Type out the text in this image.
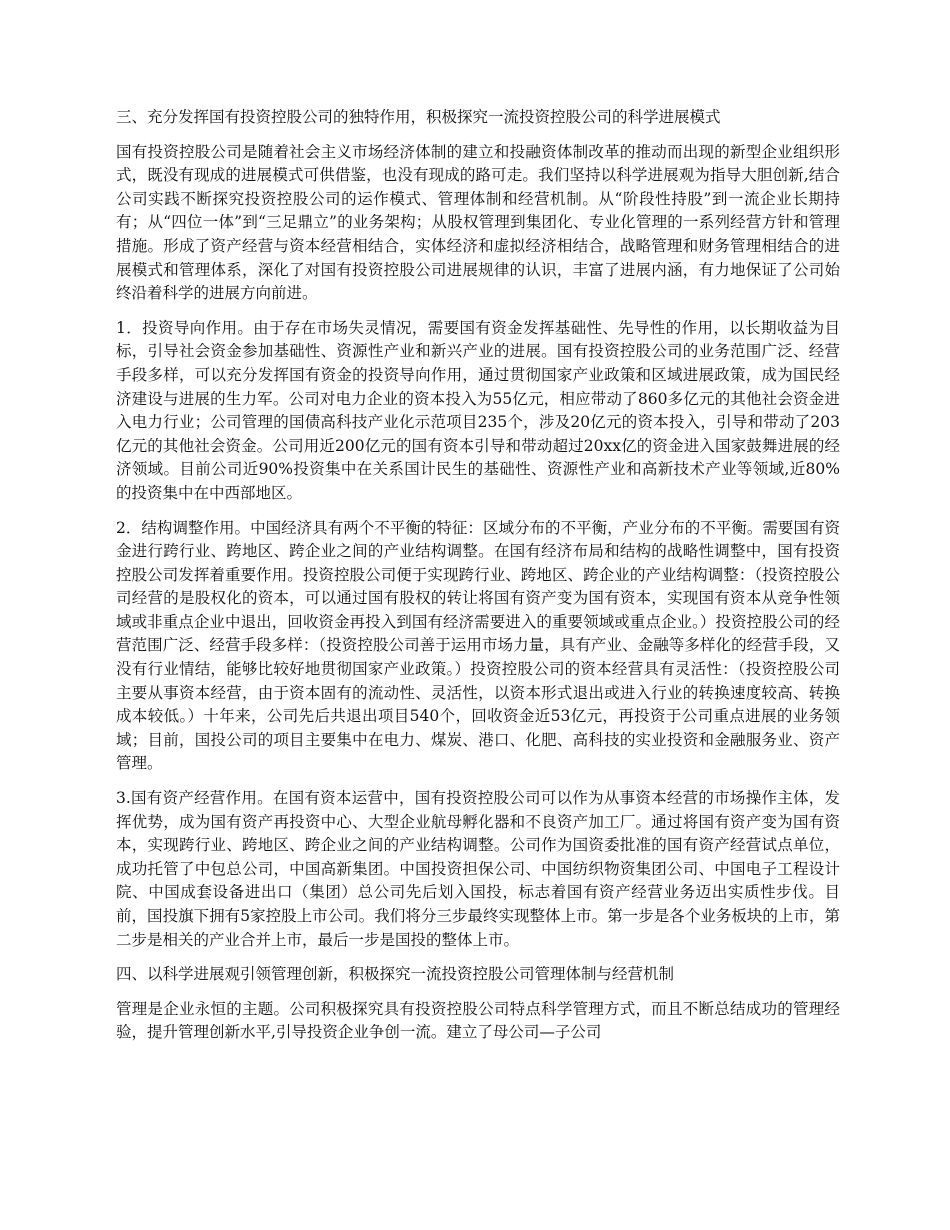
三、充分发挥国有投资控股公司的独特作用，积极探究一流投资控股公司的科学进展模式

国有投资控股公司是随着社会主义市场经济体制的建立和投融资体制改革的推动而出现的新型企业组织形式，既没有现成的进展模式可供借鉴，也没有现成的路可走。我们坚持以科学进展观为指导大胆创新,结合公司实践不断探究投资控股公司的运作模式、管理体制和经营机制。从“阶段性持股”到一流企业长期持有；从“四位一体”到“三足鼎立”的业务架构；从股权管理到集团化、专业化管理的一系列经营方针和管理措施。形成了资产经营与资本经营相结合，实体经济和虚拟经济相结合，战略管理和财务管理相结合的进展模式和管理体系，深化了对国有投资控股公司进展规律的认识，丰富了进展内涵，有力地保证了公司始终沿着科学的进展方向前进。

1．投资导向作用。由于存在市场失灵情况，需要国有资金发挥基础性、先导性的作用，以长期收益为目标，引导社会资金参加基础性、资源性产业和新兴产业的进展。国有投资控股公司的业务范围广泛、经营手段多样，可以充分发挥国有资金的投资导向作用，通过贯彻国家产业政策和区域进展政策，成为国民经济建设与进展的生力军。公司对电力企业的资本投入为55亿元，相应带动了860多亿元的其他社会资金进入电力行业；公司管理的国债高科技产业化示范项目235个，涉及20亿元的资本投入，引导和带动了203亿元的其他社会资金。公司用近200亿元的国有资本引导和带动超过20xx亿的资金进入国家鼓舞进展的经济领域。目前公司近90%投资集中在关系国计民生的基础性、资源性产业和高新技术产业等领域,近80%的投资集中在中西部地区。

2．结构调整作用。中国经济具有两个不平衡的特征：区域分布的不平衡，产业分布的不平衡。需要国有资金进行跨行业、跨地区、跨企业之间的产业结构调整。在国有经济布局和结构的战略性调整中，国有投资控股公司发挥着重要作用。投资控股公司便于实现跨行业、跨地区、跨企业的产业结构调整：（投资控股公司经营的是股权化的资本，可以通过国有股权的转让将国有资产变为国有资本，实现国有资本从竞争性领域或非重点企业中退出，回收资金再投入到国有经济需要进入的重要领域或重点企业。）投资控股公司的经营范围广泛、经营手段多样：（投资控股公司善于运用市场力量，具有产业、金融等多样化的经营手段，又没有行业情结，能够比较好地贯彻国家产业政策。）投资控股公司的资本经营具有灵活性：（投资控股公司主要从事资本经营，由于资本固有的流动性、灵活性，以资本形式退出或进入行业的转换速度较高、转换成本较低。）十年来，公司先后共退出项目540个，回收资金近53亿元，再投资于公司重点进展的业务领域；目前，国投公司的项目主要集中在电力、煤炭、港口、化肥、高科技的实业投资和金融服务业、资产管理。

3.国有资产经营作用。在国有资本运营中，国有投资控股公司可以作为从事资本经营的市场操作主体，发挥优势，成为国有资产再投资中心、大型企业航母孵化器和不良资产加工厂。通过将国有资产变为国有资本，实现跨行业、跨地区、跨企业之间的产业结构调整。公司作为国资委批准的国有资产经营试点单位，成功托管了中包总公司，中国高新集团。中国投资担保公司、中国纺织物资集团公司、中国电子工程设计院、中国成套设备进出口（集团）总公司先后划入国投，标志着国有资产经营业务迈出实质性步伐。目前，国投旗下拥有5家控股上市公司。我们将分三步最终实现整体上市。第一步是各个业务板块的上市，第二步是相关的产业合并上市，最后一步是国投的整体上市。

四、以科学进展观引领管理创新，积极探究一流投资控股公司管理体制与经营机制

管理是企业永恒的主题。公司积极探究具有投资控股公司特点科学管理方式，而且不断总结成功的管理经验，提升管理创新水平,引导投资企业争创一流。建立了母公司—子公司
